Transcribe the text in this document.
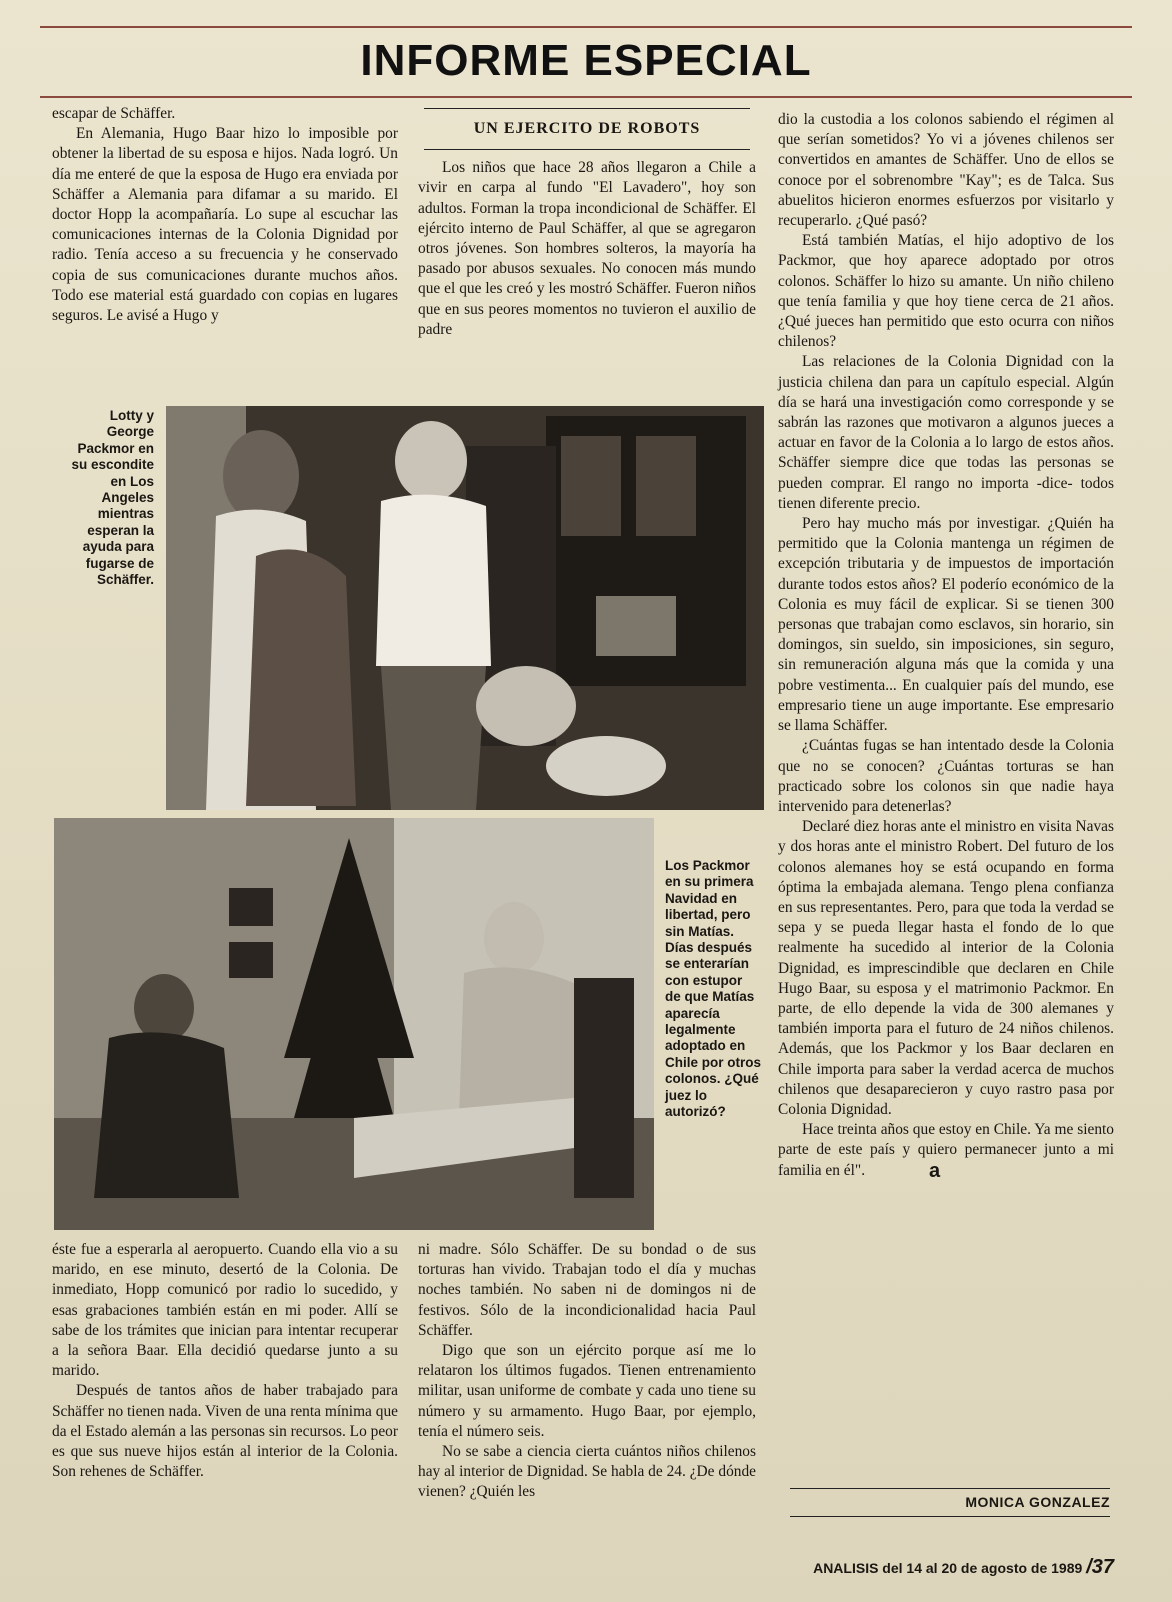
INFORME ESPECIAL

escapar de Schäffer.

En Alemania, Hugo Baar hizo lo imposible por obtener la libertad de su esposa e hijos. Nada logró. Un día me enteré de que la esposa de Hugo era enviada por Schäffer a Alemania para difamar a su marido. El doctor Hopp la acompañaría. Lo supe al escuchar las comunicaciones internas de la Colonia Dignidad por radio. Tenía acceso a su frecuencia y he conservado copia de sus comunicaciones durante muchos años. Todo ese material está guardado con copias en lugares seguros. Le avisé a Hugo y

UN EJERCITO DE ROBOTS

Los niños que hace 28 años llegaron a Chile a vivir en carpa al fundo "El Lavadero", hoy son adultos. Forman la tropa incondicional de Schäffer. El ejército interno de Paul Schäffer, al que se agregaron otros jóvenes. Son hombres solteros, la mayoría ha pasado por abusos sexuales. No conocen más mundo que el que les creó y les mostró Schäffer. Fueron niños que en sus peores momentos no tuvieron el auxilio de padre

dio la custodia a los colonos sabiendo el régimen al que serían sometidos? Yo vi a jóvenes chilenos ser convertidos en amantes de Schäffer. Uno de ellos se conoce por el sobrenombre "Kay"; es de Talca. Sus abuelitos hicieron enormes esfuerzos por visitarlo y recuperarlo. ¿Qué pasó?

Está también Matías, el hijo adoptivo de los Packmor, que hoy aparece adoptado por otros colonos. Schäffer lo hizo su amante. Un niño chileno que tenía familia y que hoy tiene cerca de 21 años. ¿Qué jueces han permitido que esto ocurra con niños chilenos?

Las relaciones de la Colonia Dignidad con la justicia chilena dan para un capítulo especial. Algún día se hará una investigación como corresponde y se sabrán las razones que motivaron a algunos jueces a actuar en favor de la Colonia a lo largo de estos años. Schäffer siempre dice que todas las personas se pueden comprar. El rango no importa -dice- todos tienen diferente precio.

Pero hay mucho más por investigar. ¿Quién ha permitido que la Colonia mantenga un régimen de excepción tributaria y de impuestos de importación durante todos estos años? El poderío económico de la Colonia es muy fácil de explicar. Si se tienen 300 personas que trabajan como esclavos, sin horario, sin domingos, sin sueldo, sin imposiciones, sin seguro, sin remuneración alguna más que la comida y una pobre vestimenta... En cualquier país del mundo, ese empresario tiene un auge importante. Ese empresario se llama Schäffer.

¿Cuántas fugas se han intentado desde la Colonia que no se conocen? ¿Cuántas torturas se han practicado sobre los colonos sin que nadie haya intervenido para detenerlas?

Declaré diez horas ante el ministro en visita Navas y dos horas ante el ministro Robert. Del futuro de los colonos alemanes hoy se está ocupando en forma óptima la embajada alemana. Tengo plena confianza en sus representantes. Pero, para que toda la verdad se sepa y se pueda llegar hasta el fondo de lo que realmente ha sucedido al interior de la Colonia Dignidad, es imprescindible que declaren en Chile Hugo Baar, su esposa y el matrimonio Packmor. En parte, de ello depende la vida de 300 alemanes y también importa para el futuro de 24 niños chilenos. Además, que los Packmor y los Baar declaren en Chile importa para saber la verdad acerca de muchos chilenos que desaparecieron y cuyo rastro pasa por Colonia Dignidad.

Hace treinta años que estoy en Chile. Ya me siento parte de este país y quiero permanecer junto a mi familia en él".	a

Lotty y George Packmor en su escondite en Los Angeles mientras esperan la ayuda para fugarse de Schäffer.
Los Packmor en su primera Navidad en libertad, pero sin Matías. Días después se enterarían con estupor de que Matías aparecía legalmente adoptado en Chile por otros colonos. ¿Qué juez lo autorizó?

éste fue a esperarla al aeropuerto. Cuando ella vio a su marido, en ese minuto, desertó de la Colonia. De inmediato, Hopp comunicó por radio lo sucedido, y esas grabaciones también están en mi poder. Allí se sabe de los trámites que inician para intentar recuperar a la señora Baar. Ella decidió quedarse junto a su marido.

Después de tantos años de haber trabajado para Schäffer no tienen nada. Viven de una renta mínima que da el Estado alemán a las personas sin recursos. Lo peor es que sus nueve hijos están al interior de la Colonia. Son rehenes de Schäffer.

ni madre. Sólo Schäffer. De su bondad o de sus torturas han vivido. Trabajan todo el día y muchas noches también. No saben ni de domingos ni de festivos. Sólo de la incondicionalidad hacia Paul Schäffer.

Digo que son un ejército porque así me lo relataron los últimos fugados. Tienen entrenamiento militar, usan uniforme de combate y cada uno tiene su número y su armamento. Hugo Baar, por ejemplo, tenía el número seis.

No se sabe a ciencia cierta cuántos niños chilenos hay al interior de Dignidad. Se habla de 24. ¿De dónde vienen? ¿Quién les

MONICA GONZALEZ
ANALISIS del 14 al 20 de agosto de 1989 /37
